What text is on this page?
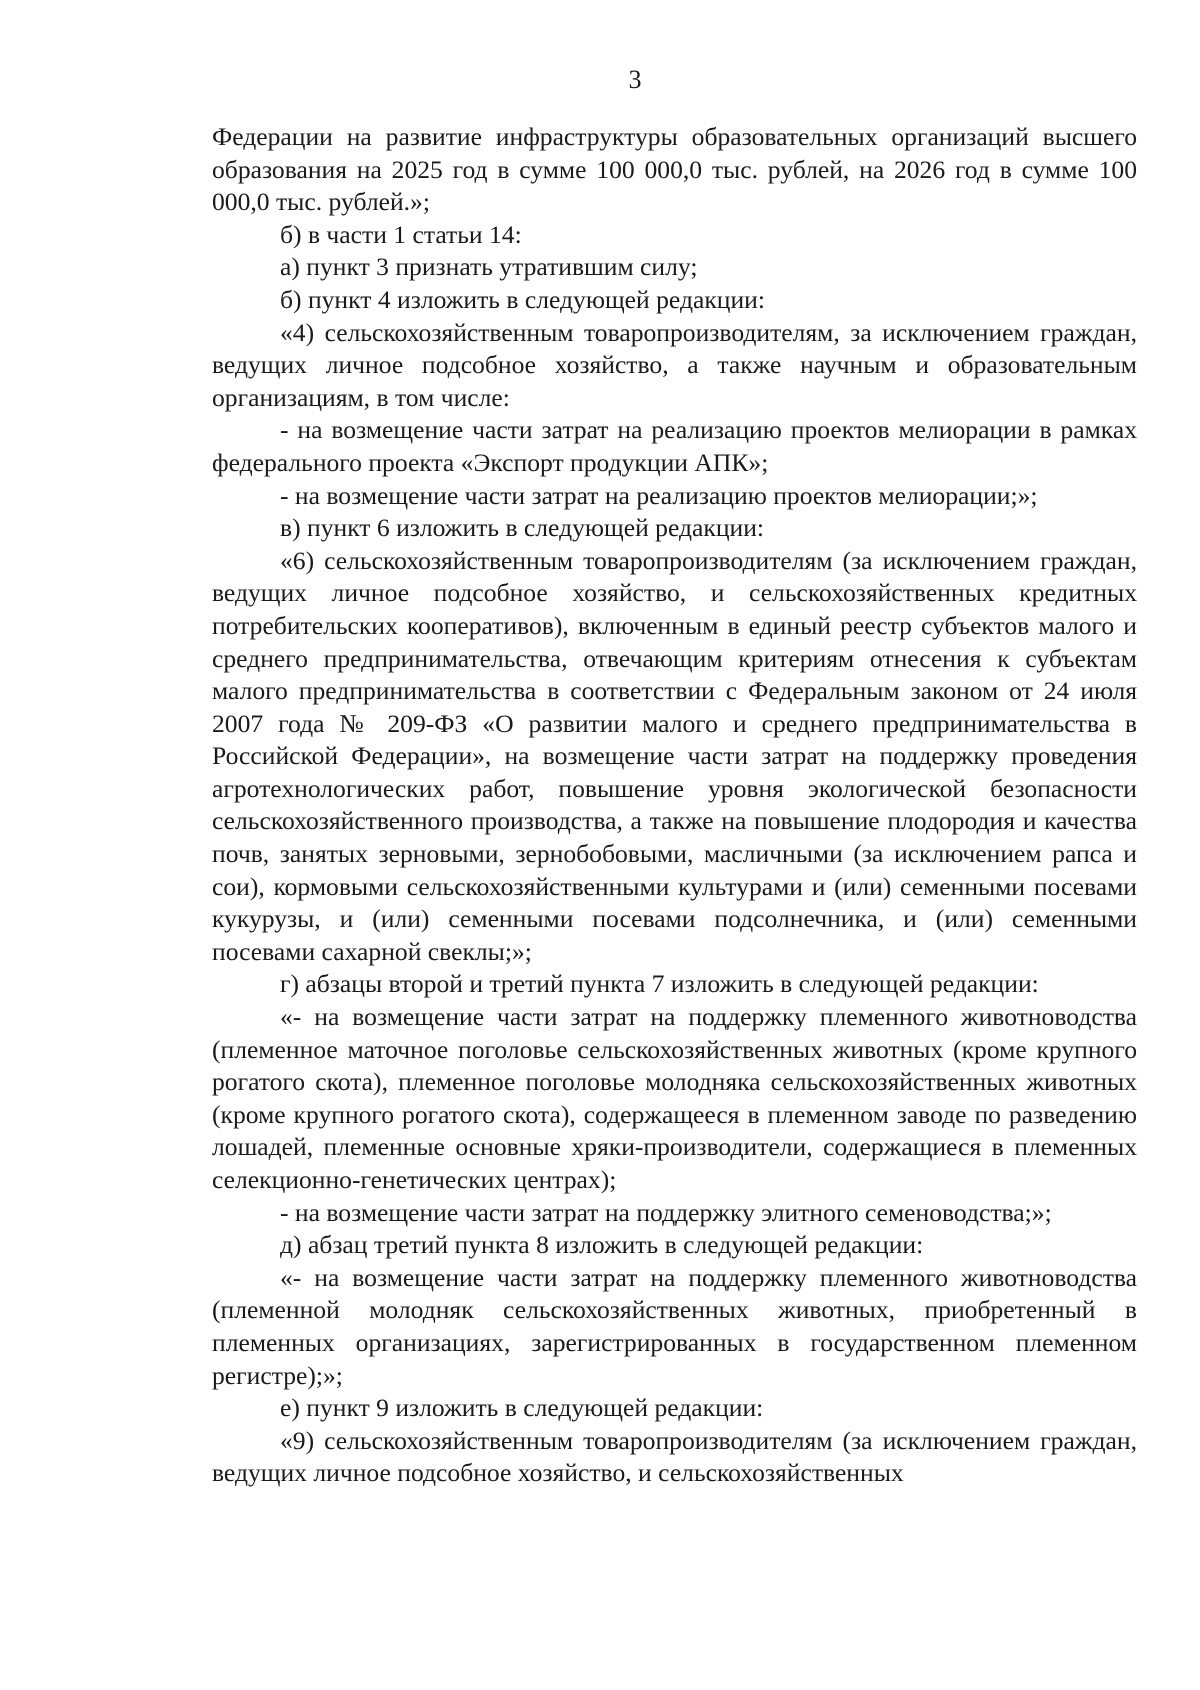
3

Федерации на развитие инфраструктуры образовательных организаций высшего образования на 2025 год в сумме 100 000,0 тыс. рублей, на 2026 год в сумме 100 000,0 тыс. рублей.»;

б) в части 1 статьи 14:

а) пункт 3 признать утратившим силу;

б) пункт 4 изложить в следующей редакции:

«4) сельскохозяйственным товаропроизводителям, за исключением граждан, ведущих личное подсобное хозяйство, а также научным и образовательным организациям, в том числе:

- на возмещение части затрат на реализацию проектов мелиорации в рамках федерального проекта «Экспорт продукции АПК»;

- на возмещение части затрат на реализацию проектов мелиорации;»;

в) пункт 6 изложить в следующей редакции:

«6) сельскохозяйственным товаропроизводителям (за исключением граждан, ведущих личное подсобное хозяйство, и сельскохозяйственных кредитных потребительских кооперативов), включенным в единый реестр субъектов малого и среднего предпринимательства, отвечающим критериям отнесения к субъектам малого предпринимательства в соответствии с Федеральным законом от 24 июля 2007 года № 209-ФЗ «О развитии малого и среднего предпринимательства в Российской Федерации», на возмещение части затрат на поддержку проведения агротехнологических работ, повышение уровня экологической безопасности сельскохозяйственного производства, а также на повышение плодородия и качества почв, занятых зерновыми, зернобобовыми, масличными (за исключением рапса и сои), кормовыми сельскохозяйственными культурами и (или) семенными посевами кукурузы, и (или) семенными посевами подсолнечника, и (или) семенными посевами сахарной свеклы;»;

г) абзацы второй и третий пункта 7 изложить в следующей редакции:

«- на возмещение части затрат на поддержку племенного животноводства (племенное маточное поголовье сельскохозяйственных животных (кроме крупного рогатого скота), племенное поголовье молодняка сельскохозяйственных животных (кроме крупного рогатого скота), содержащееся в племенном заводе по разведению лошадей, племенные основные хряки-производители, содержащиеся в племенных селекционно-генетических центрах);

- на возмещение части затрат на поддержку элитного семеноводства;»;

д) абзац третий пункта 8 изложить в следующей редакции:

«- на возмещение части затрат на поддержку племенного животноводства (племенной молодняк сельскохозяйственных животных, приобретенный в племенных организациях, зарегистрированных в государственном племенном регистре);»;

е) пункт 9 изложить в следующей редакции:

«9) сельскохозяйственным товаропроизводителям (за исключением граждан, ведущих личное подсобное хозяйство, и сельскохозяйственных
